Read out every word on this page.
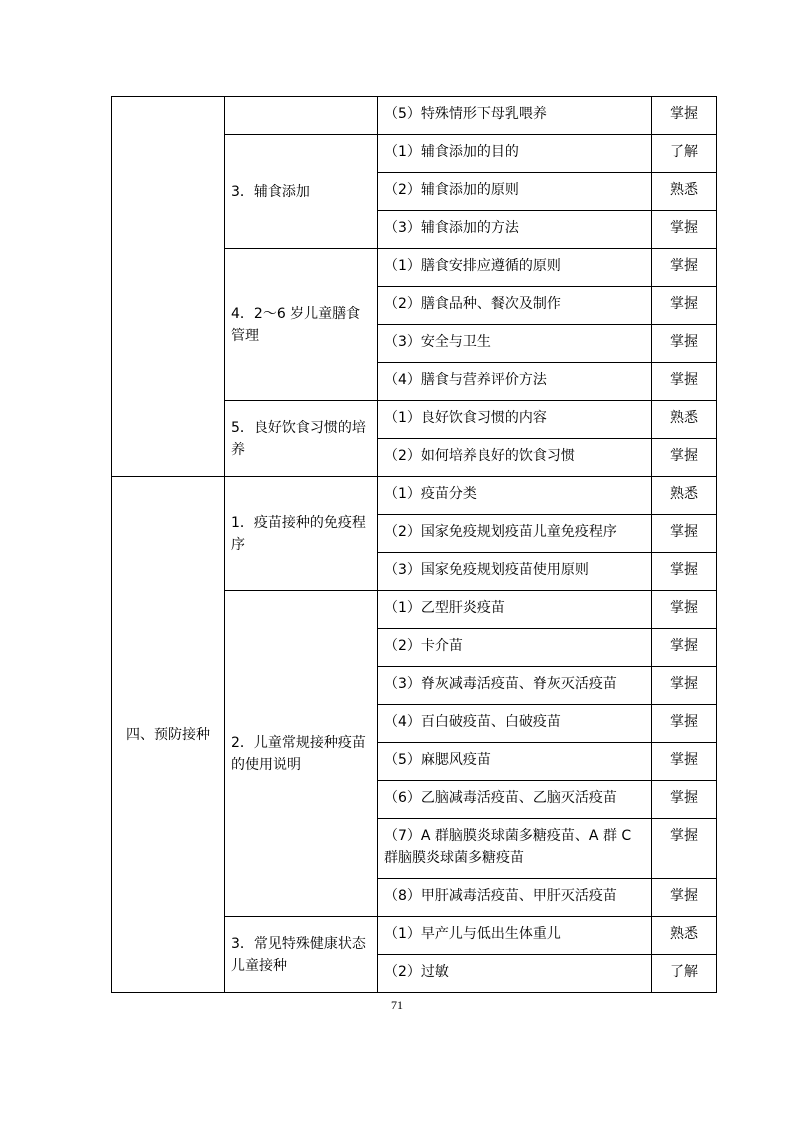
		（5）特殊情形下母乳喂养	掌握
	3．辅食添加	（1）辅食添加的目的	了解
		（2）辅食添加的原则	熟悉
		（3）辅食添加的方法	掌握
	4．2～6 岁儿童膳食管理	（1）膳食安排应遵循的原则	掌握
		（2）膳食品种、餐次及制作	掌握
		（3）安全与卫生	掌握
		（4）膳食与营养评价方法	掌握
	5．良好饮食习惯的培养	（1）良好饮食习惯的内容	熟悉
		（2）如何培养良好的饮食习惯	掌握
四、预防接种	1．疫苗接种的免疫程序	（1）疫苗分类	熟悉
		（2）国家免疫规划疫苗儿童免疫程序	掌握
		（3）国家免疫规划疫苗使用原则	掌握
	2．儿童常规接种疫苗的使用说明	（1）乙型肝炎疫苗	掌握
		（2）卡介苗	掌握
		（3）脊灰减毒活疫苗、脊灰灭活疫苗	掌握
		（4）百白破疫苗、白破疫苗	掌握
		（5）麻腮风疫苗	掌握
		（6）乙脑减毒活疫苗、乙脑灭活疫苗	掌握
		（7）A 群脑膜炎球菌多糖疫苗、A 群 C 群脑膜炎球菌多糖疫苗	掌握
		（8）甲肝减毒活疫苗、甲肝灭活疫苗	掌握
	3．常见特殊健康状态儿童接种	（1）早产儿与低出生体重儿	熟悉
		（2）过敏	了解
71
